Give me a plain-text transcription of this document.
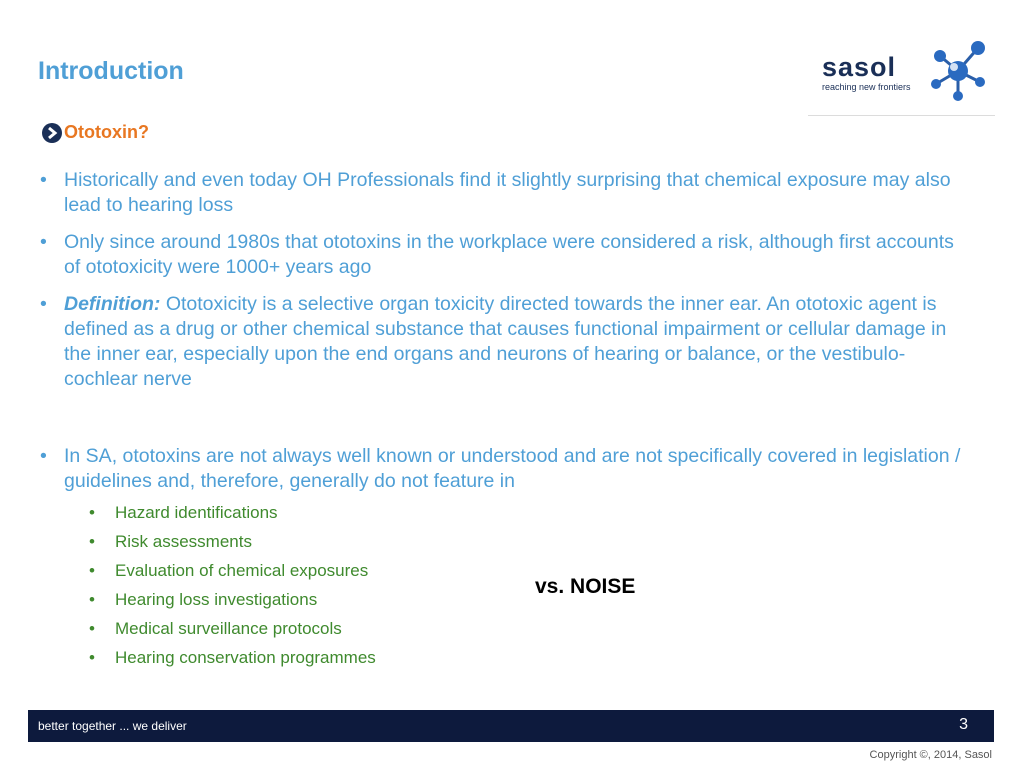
Introduction	sasol
reaching new frontiers
Ototoxin?
• Historically and even today OH Professionals find it slightly surprising that chemical exposure may also lead to hearing loss
• Only since around 1980s that ototoxins in the workplace were considered a risk, although first accounts of ototoxicity were 1000+ years ago
• Definition: Ototoxicity is a selective organ toxicity directed towards the inner ear. An ototoxic agent is defined as a drug or other chemical substance that causes functional impairment or cellular damage in the inner ear, especially upon the end organs and neurons of hearing or balance, or the vestibulo-cochlear nerve
• In SA, ototoxins are not always well known or understood and are not specifically covered in legislation / guidelines and, therefore, generally do not feature in
• Hazard identifications
• Risk assessments
• Evaluation of chemical exposures
• Hearing loss investigations
• Medical surveillance protocols
• Hearing conservation programmes
vs. NOISE
better together ... we deliver	3
Copyright ©, 2014, Sasol
